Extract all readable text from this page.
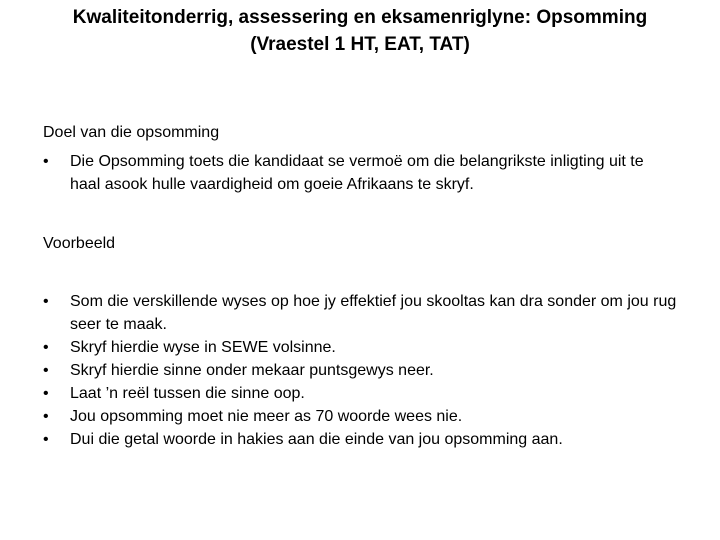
Kwaliteitonderrig, assessering en eksamenriglyne: Opsomming
(Vraestel 1 HT, EAT, TAT)
Doel van die opsomming
•	Die Opsomming toets die kandidaat se vermoë om die belangrikste inligting uit te haal asook hulle vaardigheid om goeie Afrikaans te skryf.
Voorbeeld
•	Som die verskillende wyses op hoe jy effektief jou skooltas kan dra sonder om jou rug seer te maak.
•	Skryf hierdie wyse in SEWE volsinne.
•	Skryf hierdie sinne onder mekaar puntsgewys neer.
•	Laat ’n reël tussen die sinne oop.
•	Jou opsomming moet nie meer as 70 woorde wees nie.
•	Dui die getal woorde in hakies aan die einde van jou opsomming aan.
